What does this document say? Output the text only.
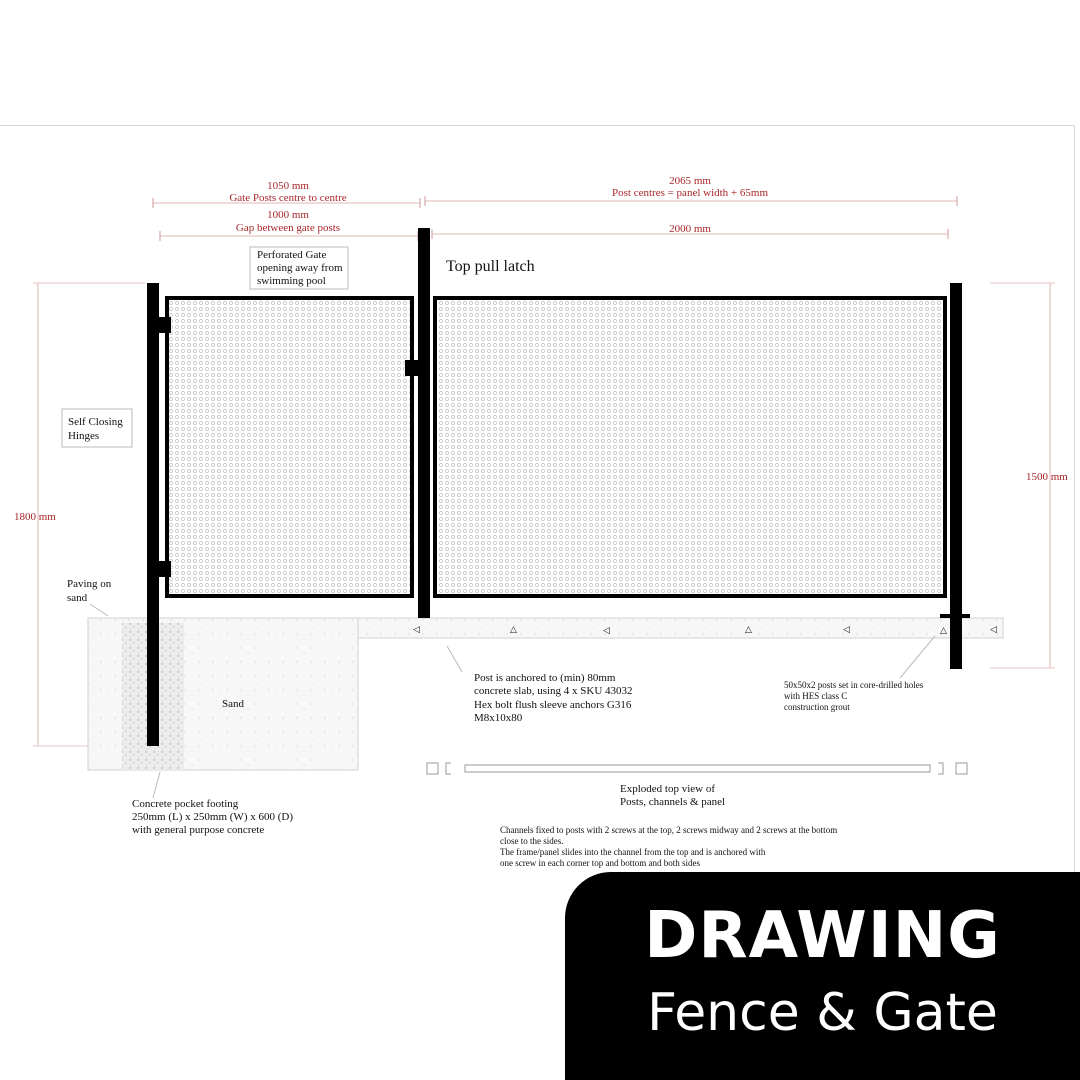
1050 mm
Gate Posts centre to centre
1000 mm
Gap between gate posts
2065 mm
Post centres = panel width + 65mm
2000 mm
1800 mm
1500 mm
◁	△	◁	△	◁	△	◁
Perforated Gate
opening away from
swimming pool
Top pull latch
Self Closing
Hinges
Paving on
sand
Sand
Concrete pocket footing
250mm (L) x 250mm (W) x 600 (D)
with general purpose concrete
Post is anchored to (min) 80mm
concrete slab, using 4 x SKU 43032
Hex bolt flush sleeve anchors G316
M8x10x80
50x50x2 posts set in core-drilled holes
with HES class C
construction grout
Exploded top view of
Posts, channels & panel
Channels fixed to posts with 2 screws at the top, 2 screws midway and 2 screws at the bottom
close to the sides.
The frame/panel slides into the channel from the top and is anchored with
one screw in each corner top and bottom and both sides
DRAWING
Fence & Gate
